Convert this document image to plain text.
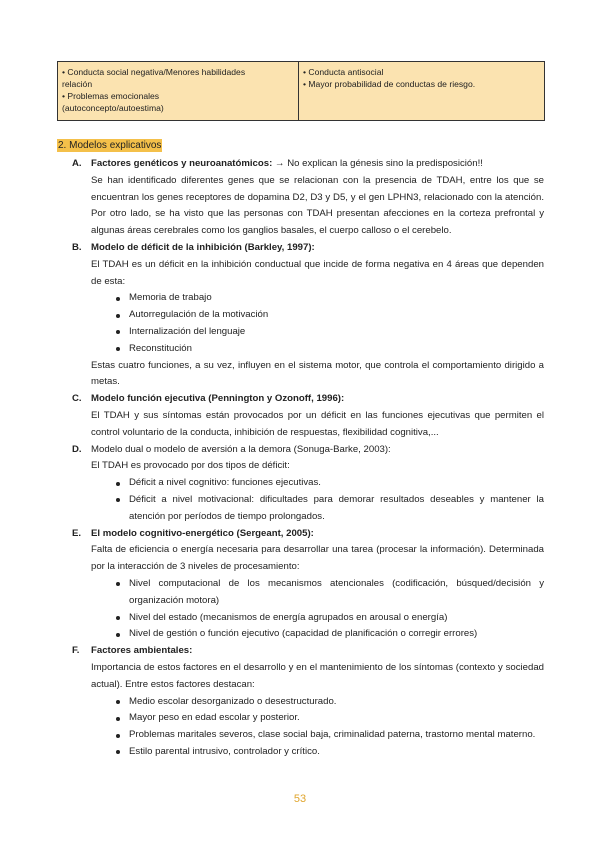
• Conducta social negativa/Menores habilidades
relación
• Problemas emocionales
(autoconcepto/autoestima)
• Conducta antisocial
• Mayor probabilidad de conductas de riesgo.
2. Modelos explicativos
A. Factores genéticos y neuroanatómicos: → No explican la génesis sino la predisposición!!
Se han identificado diferentes genes que se relacionan con la presencia de TDAH, entre los que se encuentran los genes receptores de dopamina D2, D3 y D5, y el gen LPHN3, relacionado con la atención. Por otro lado, se ha visto que las personas con TDAH presentan afecciones en la corteza prefrontal y algunas áreas cerebrales como los ganglios basales, el cuerpo calloso o el cerebelo.
B. Modelo de déficit de la inhibición (Barkley, 1997):
El TDAH es un déficit en la inhibición conductual que incide de forma negativa en 4 áreas que dependen de esta:
Memoria de trabajo
Autorregulación de la motivación
Internalización del lenguaje
Reconstitución
Estas cuatro funciones, a su vez, influyen en el sistema motor, que controla el comportamiento dirigido a metas.
C. Modelo función ejecutiva (Pennington y Ozonoff, 1996):
El TDAH y sus síntomas están provocados por un déficit en las funciones ejecutivas que permiten el control voluntario de la conducta, inhibición de respuestas, flexibilidad cognitiva,...
D. Modelo dual o modelo de aversión a la demora (Sonuga-Barke, 2003):
El TDAH es provocado por dos tipos de déficit:
Déficit a nivel cognitivo: funciones ejecutivas.
Déficit a nivel motivacional: dificultades para demorar resultados deseables y mantener la atención por períodos de tiempo prolongados.
E. El modelo cognitivo-energético (Sergeant, 2005):
Falta de eficiencia o energía necesaria para desarrollar una tarea (procesar la información). Determinada por la interacción de 3 niveles de procesamiento:
Nivel computacional de los mecanismos atencionales (codificación, búsqued/decisión y organización motora)
Nivel del estado (mecanismos de energía agrupados en arousal o energía)
Nivel de gestión o función ejecutivo (capacidad de planificación o corregir errores)
F. Factores ambientales:
Importancia de estos factores en el desarrollo y en el mantenimiento de los síntomas (contexto y sociedad actual). Entre estos factores destacan:
Medio escolar desorganizado o desestructurado.
Mayor peso en edad escolar y posterior.
Problemas maritales severos, clase social baja, criminalidad paterna, trastorno mental materno.
Estilo parental intrusivo, controlador y crítico.
53
